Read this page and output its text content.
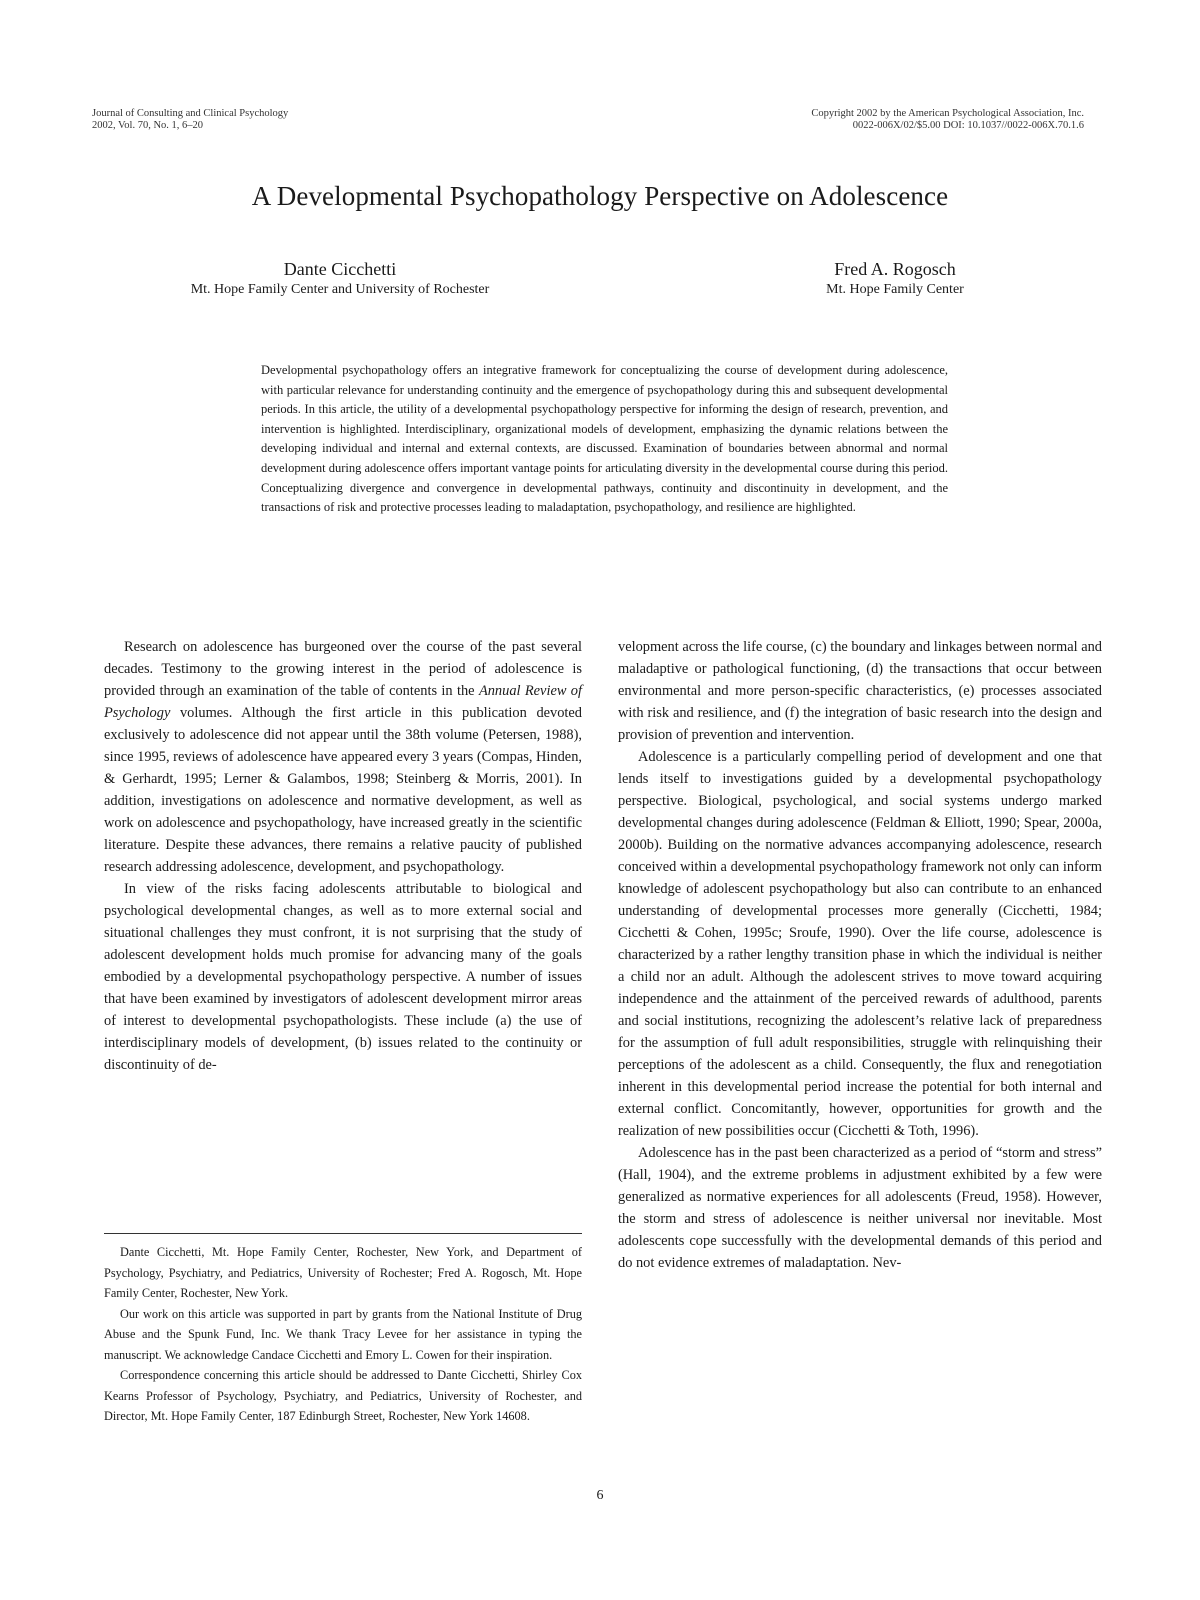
Journal of Consulting and Clinical Psychology
2002, Vol. 70, No. 1, 6–20
Copyright 2002 by the American Psychological Association, Inc.
0022-006X/02/$5.00 DOI: 10.1037//0022-006X.70.1.6
A Developmental Psychopathology Perspective on Adolescence
Dante Cicchetti
Mt. Hope Family Center and University of Rochester
Fred A. Rogosch
Mt. Hope Family Center

Developmental psychopathology offers an integrative framework for conceptualizing the course of development during adolescence, with particular relevance for understanding continuity and the emergence of psychopathology during this and subsequent developmental periods. In this article, the utility of a developmental psychopathology perspective for informing the design of research, prevention, and intervention is highlighted. Interdisciplinary, organizational models of development, emphasizing the dynamic relations between the developing individual and internal and external contexts, are discussed. Examination of boundaries between abnormal and normal development during adolescence offers important vantage points for articulating diversity in the developmental course during this period. Conceptualizing divergence and convergence in developmental pathways, continuity and discontinuity in development, and the transactions of risk and protective processes leading to maladaptation, psychopathology, and resilience are highlighted.

Research on adolescence has burgeoned over the course of the past several decades. Testimony to the growing interest in the period of adolescence is provided through an examination of the table of contents in the Annual Review of Psychology volumes. Although the first article in this publication devoted exclusively to adolescence did not appear until the 38th volume (Petersen, 1988), since 1995, reviews of adolescence have appeared every 3 years (Compas, Hinden, & Gerhardt, 1995; Lerner & Galambos, 1998; Steinberg & Morris, 2001). In addition, investigations on adolescence and normative development, as well as work on adolescence and psychopathology, have increased greatly in the scientific literature. Despite these advances, there remains a relative paucity of published research addressing adolescence, development, and psychopathology.

In view of the risks facing adolescents attributable to biological and psychological developmental changes, as well as to more external social and situational challenges they must confront, it is not surprising that the study of adolescent development holds much promise for advancing many of the goals embodied by a developmental psychopathology perspective. A number of issues that have been examined by investigators of adolescent development mirror areas of interest to developmental psychopathologists. These include (a) the use of interdisciplinary models of development, (b) issues related to the continuity or discontinuity of de-

velopment across the life course, (c) the boundary and linkages between normal and maladaptive or pathological functioning, (d) the transactions that occur between environmental and more person-specific characteristics, (e) processes associated with risk and resilience, and (f) the integration of basic research into the design and provision of prevention and intervention.

Adolescence is a particularly compelling period of development and one that lends itself to investigations guided by a developmental psychopathology perspective. Biological, psychological, and social systems undergo marked developmental changes during adolescence (Feldman & Elliott, 1990; Spear, 2000a, 2000b). Building on the normative advances accompanying adolescence, research conceived within a developmental psychopathology framework not only can inform knowledge of adolescent psychopathology but also can contribute to an enhanced understanding of developmental processes more generally (Cicchetti, 1984; Cicchetti & Cohen, 1995c; Sroufe, 1990). Over the life course, adolescence is characterized by a rather lengthy transition phase in which the individual is neither a child nor an adult. Although the adolescent strives to move toward acquiring independence and the attainment of the perceived rewards of adulthood, parents and social institutions, recognizing the adolescent’s relative lack of preparedness for the assumption of full adult responsibilities, struggle with relinquishing their perceptions of the adolescent as a child. Consequently, the flux and renegotiation inherent in this developmental period increase the potential for both internal and external conflict. Concomitantly, however, opportunities for growth and the realization of new possibilities occur (Cicchetti & Toth, 1996).

Adolescence has in the past been characterized as a period of “storm and stress” (Hall, 1904), and the extreme problems in adjustment exhibited by a few were generalized as normative experiences for all adolescents (Freud, 1958). However, the storm and stress of adolescence is neither universal nor inevitable. Most adolescents cope successfully with the developmental demands of this period and do not evidence extremes of maladaptation. Nev-

Dante Cicchetti, Mt. Hope Family Center, Rochester, New York, and Department of Psychology, Psychiatry, and Pediatrics, University of Rochester; Fred A. Rogosch, Mt. Hope Family Center, Rochester, New York.

Our work on this article was supported in part by grants from the National Institute of Drug Abuse and the Spunk Fund, Inc. We thank Tracy Levee for her assistance in typing the manuscript. We acknowledge Candace Cicchetti and Emory L. Cowen for their inspiration.

Correspondence concerning this article should be addressed to Dante Cicchetti, Shirley Cox Kearns Professor of Psychology, Psychiatry, and Pediatrics, University of Rochester, and Director, Mt. Hope Family Center, 187 Edinburgh Street, Rochester, New York 14608.

6
